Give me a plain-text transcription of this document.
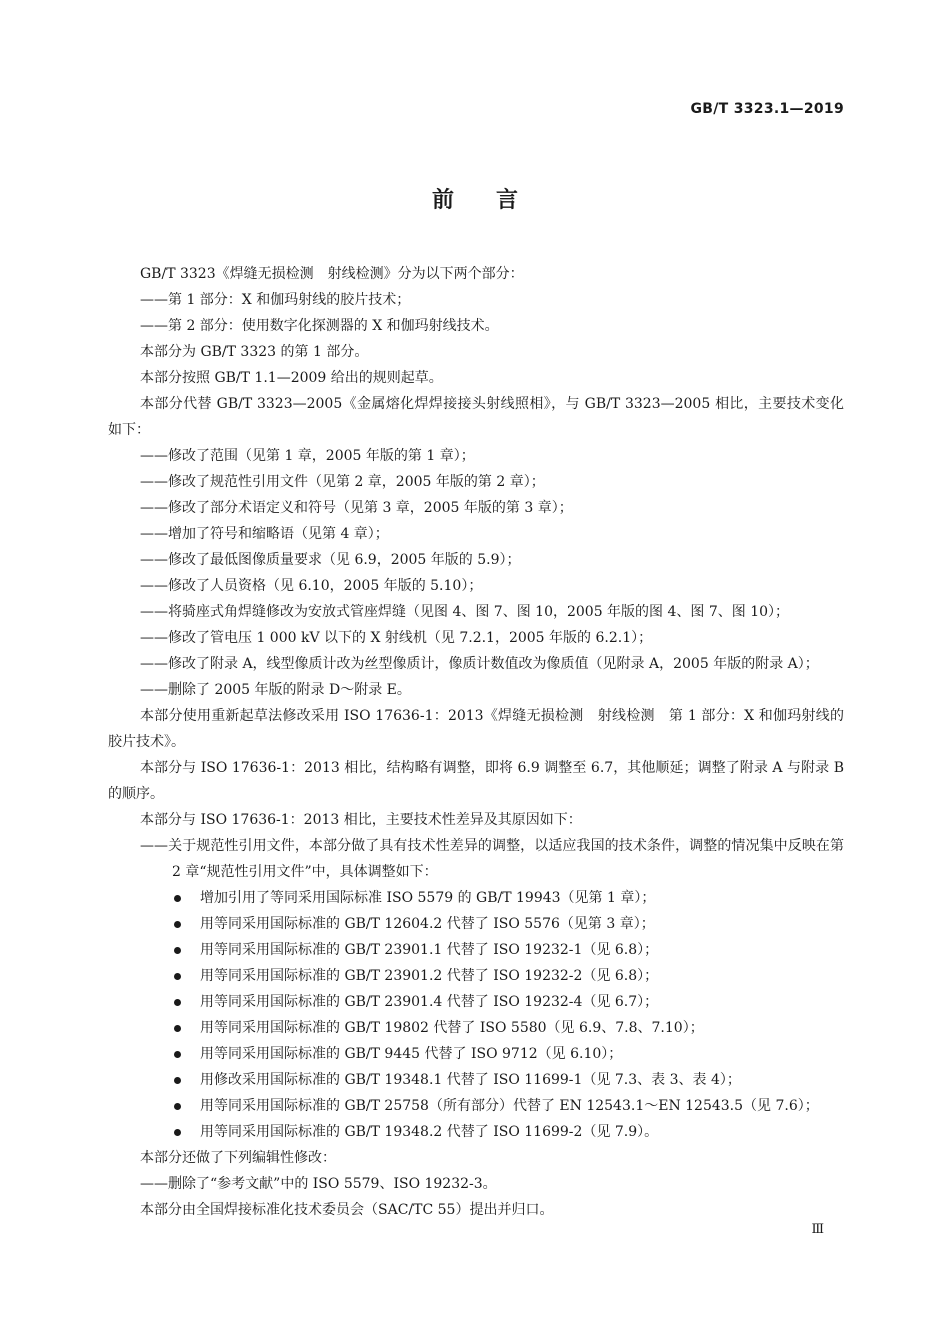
GB/T 3323.1—2019
前言

GB/T 3323《焊缝无损检测　射线检测》分为以下两个部分：

——第 1 部分：X 和伽玛射线的胶片技术；

——第 2 部分：使用数字化探测器的 X 和伽玛射线技术。

本部分为 GB/T 3323 的第 1 部分。

本部分按照 GB/T 1.1—2009 给出的规则起草。

本部分代替 GB/T 3323—2005《金属熔化焊焊接接头射线照相》，与 GB/T 3323—2005 相比，主要技术变化如下：

——修改了范围（见第 1 章，2005 年版的第 1 章）；

——修改了规范性引用文件（见第 2 章，2005 年版的第 2 章）；

——修改了部分术语定义和符号（见第 3 章，2005 年版的第 3 章）；

——增加了符号和缩略语（见第 4 章）；

——修改了最低图像质量要求（见 6.9，2005 年版的 5.9）；

——修改了人员资格（见 6.10，2005 年版的 5.10）；

——将骑座式角焊缝修改为安放式管座焊缝（见图 4、图 7、图 10，2005 年版的图 4、图 7、图 10）；

——修改了管电压 1 000 kV 以下的 X 射线机（见 7.2.1，2005 年版的 6.2.1）；

——修改了附录 A，线型像质计改为丝型像质计，像质计数值改为像质值（见附录 A，2005 年版的附录 A）；

——删除了 2005 年版的附录 D～附录 E。

本部分使用重新起草法修改采用 ISO 17636-1：2013《焊缝无损检测　射线检测　第 1 部分：X 和伽玛射线的胶片技术》。

本部分与 ISO 17636-1：2013 相比，结构略有调整，即将 6.9 调整至 6.7，其他顺延；调整了附录 A 与附录 B 的顺序。

本部分与 ISO 17636-1：2013 相比，主要技术性差异及其原因如下：

——关于规范性引用文件，本部分做了具有技术性差异的调整，以适应我国的技术条件，调整的情况集中反映在第 2 章“规范性引用文件”中，具体调整如下：

增加引用了等同采用国际标准 ISO 5579 的 GB/T 19943（见第 1 章）；
用等同采用国际标准的 GB/T 12604.2 代替了 ISO 5576（见第 3 章）；
用等同采用国际标准的 GB/T 23901.1 代替了 ISO 19232-1（见 6.8）；
用等同采用国际标准的 GB/T 23901.2 代替了 ISO 19232-2（见 6.8）；
用等同采用国际标准的 GB/T 23901.4 代替了 ISO 19232-4（见 6.7）；
用等同采用国际标准的 GB/T 19802 代替了 ISO 5580（见 6.9、7.8、7.10）；
用等同采用国际标准的 GB/T 9445 代替了 ISO 9712（见 6.10）；
用修改采用国际标准的 GB/T 19348.1 代替了 ISO 11699-1（见 7.3、表 3、表 4）；
用等同采用国际标准的 GB/T 25758（所有部分）代替了 EN 12543.1～EN 12543.5（见 7.6）；
用等同采用国际标准的 GB/T 19348.2 代替了 ISO 11699-2（见 7.9）。

本部分还做了下列编辑性修改：

——删除了“参考文献”中的 ISO 5579、ISO 19232-3。

本部分由全国焊接标准化技术委员会（SAC/TC 55）提出并归口。

Ⅲ
